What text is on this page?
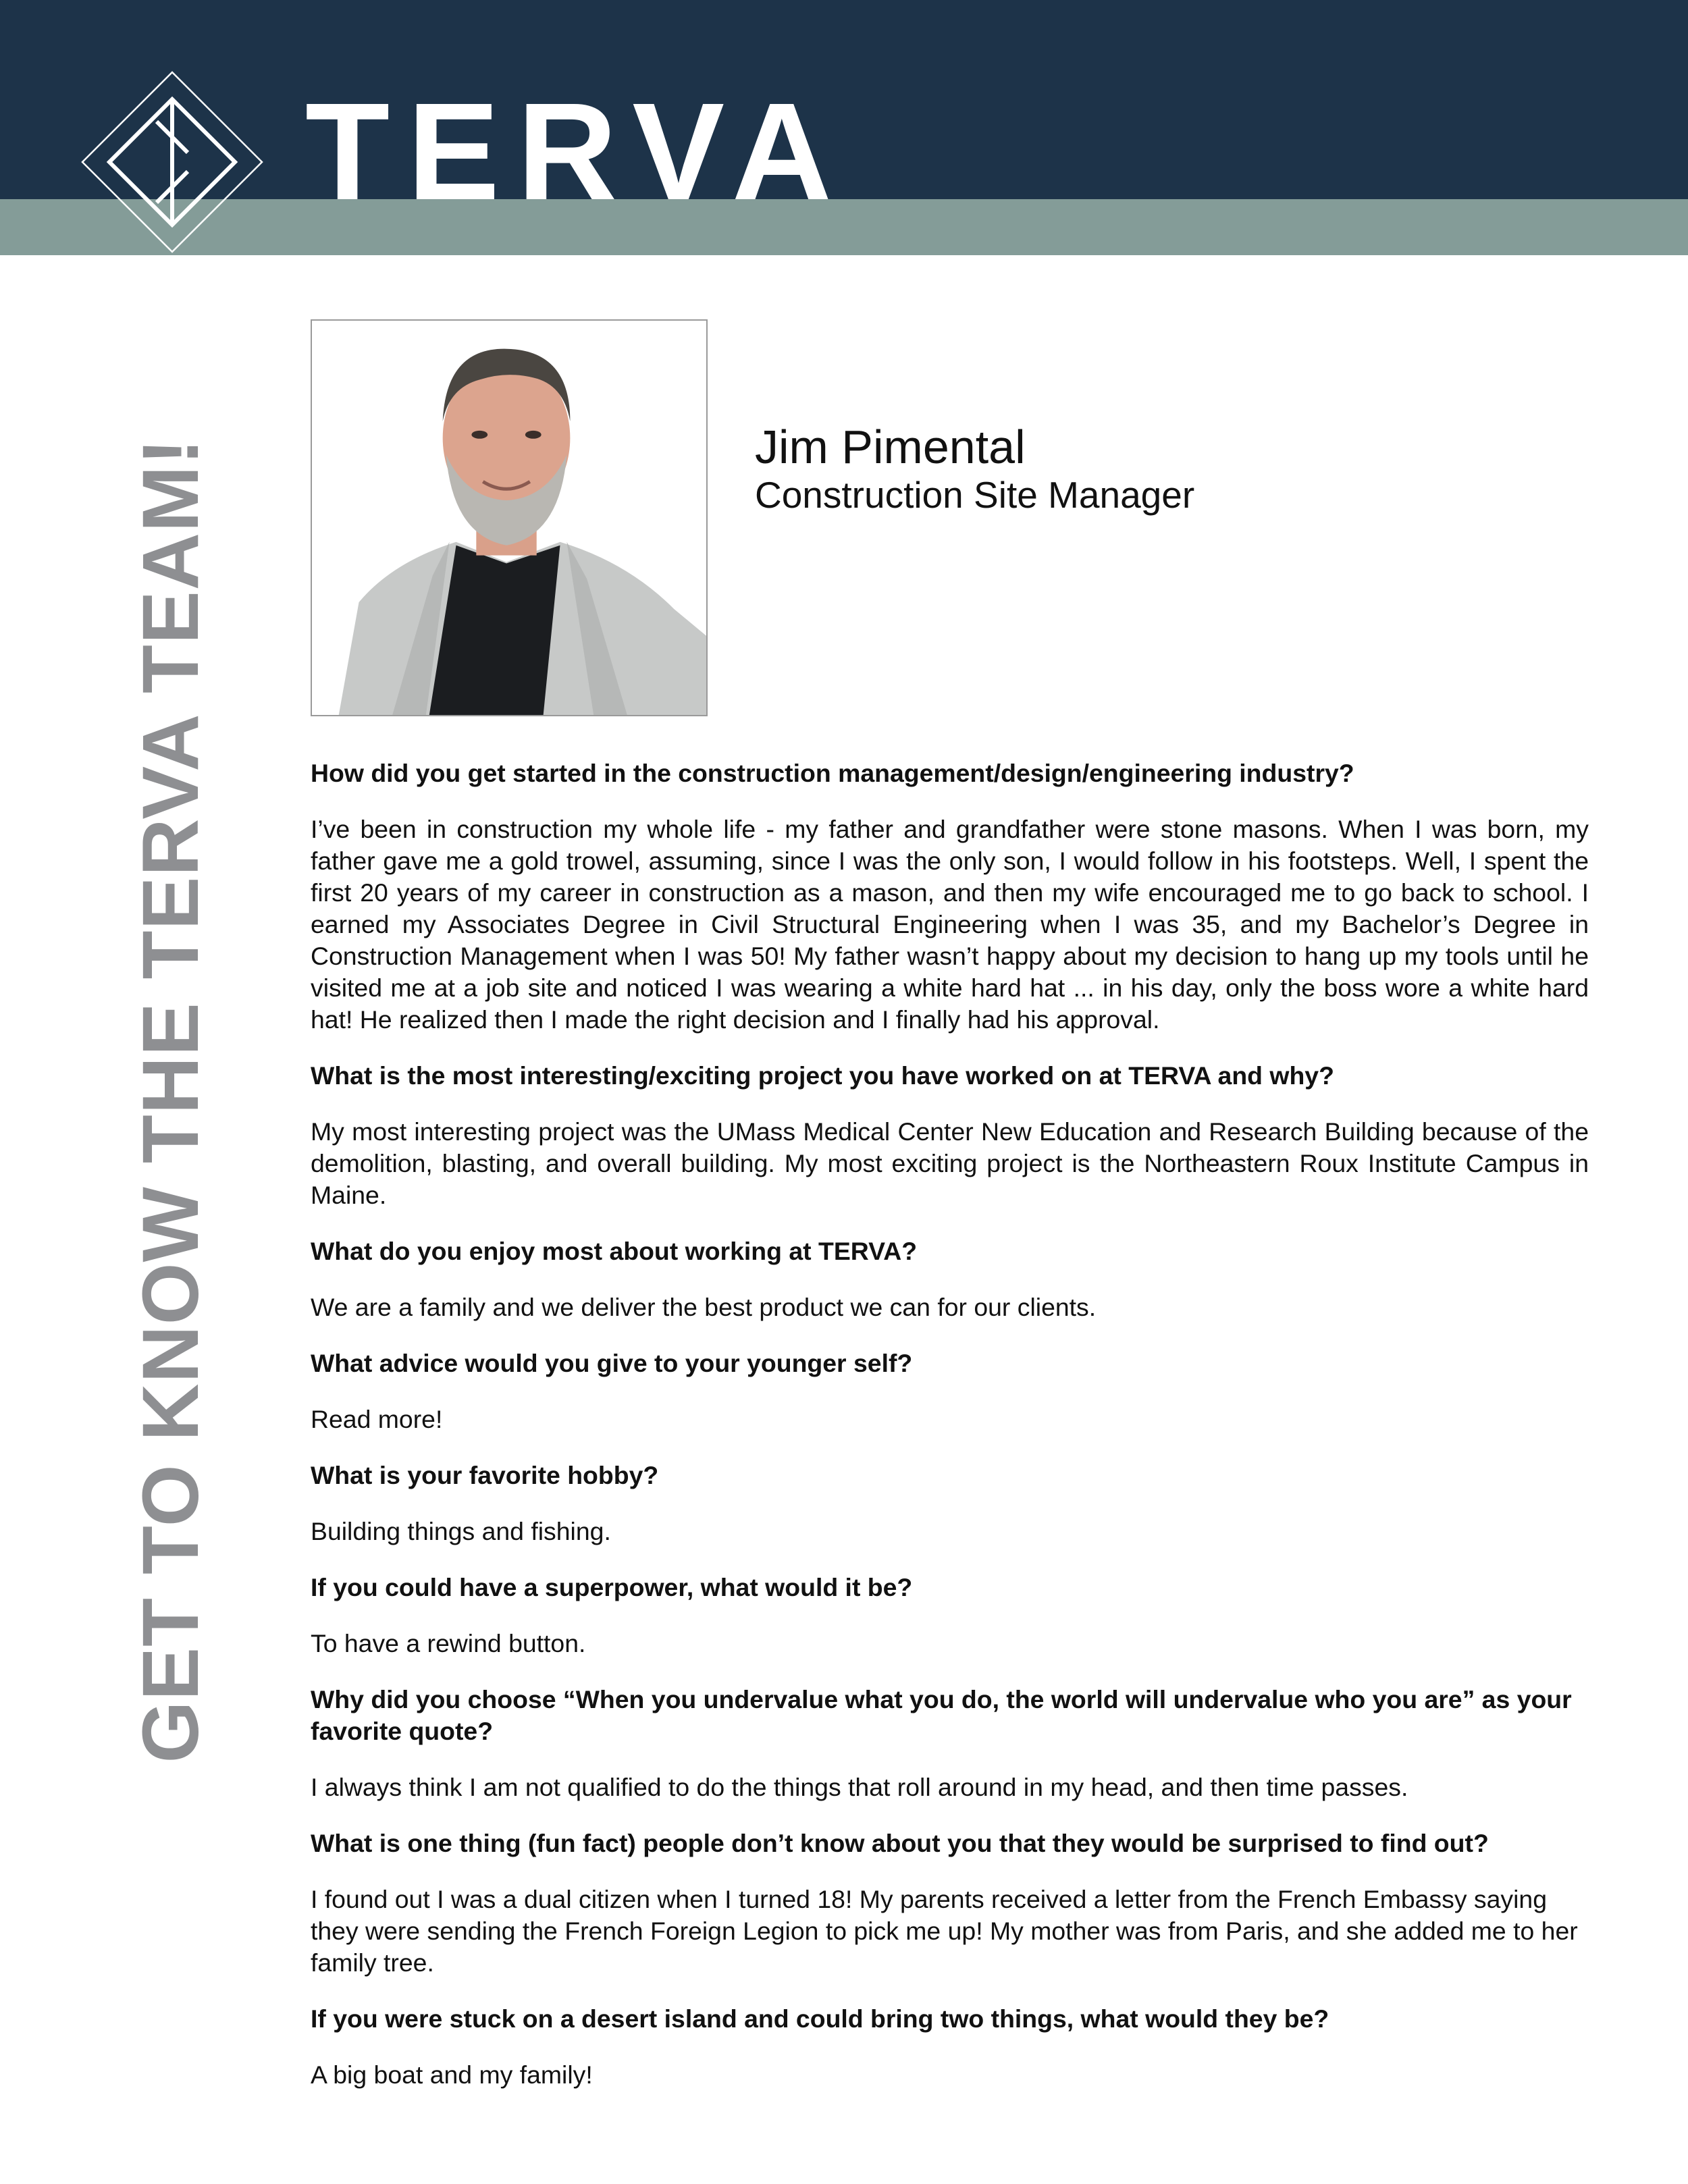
TERVA
GET TO KNOW THE TERVA TEAM!	Jim Pimental
Construction Site Manager

How did you get started in the construction management/design/engineering industry?

I’ve been in construction my whole life - my father and grandfather were stone masons. When I was born, my father gave me a gold trowel, assuming, since I was the only son, I would follow in his footsteps. Well, I spent the first 20 years of my career in construction as a mason, and then my wife encouraged me to go back to school. I earned my Associates Degree in Civil Structural Engineering when I was 35, and my Bachelor’s Degree in Construction Management when I was 50! My father wasn’t happy about my decision to hang up my tools until he visited me at a job site and noticed I was wearing a white hard hat ... in his day, only the boss wore a white hard hat! He realized then I made the right decision and I finally had his approval.

What is the most interesting/exciting project you have worked on at TERVA and why?

My most interesting project was the UMass Medical Center New Education and Research Building because of the demolition, blasting, and overall building. My most exciting project is the Northeastern Roux Institute Campus in Maine.

What do you enjoy most about working at TERVA?

We are a family and we deliver the best product we can for our clients.

What advice would you give to your younger self?

Read more!

What is your favorite hobby?

Building things and fishing.

If you could have a superpower, what would it be?

To have a rewind button.

Why did you choose “When you undervalue what you do, the world will undervalue who you are” as your favorite quote?

I always think I am not qualified to do the things that roll around in my head, and then time passes.

What is one thing (fun fact) people don’t know about you that they would be surprised to find out?

I found out I was a dual citizen when I turned 18! My parents received a letter from the French Embassy saying they were sending the French Foreign Legion to pick me up! My mother was from Paris, and she added me to her family tree.

If you were stuck on a desert island and could bring two things, what would they be?

A big boat and my family!
